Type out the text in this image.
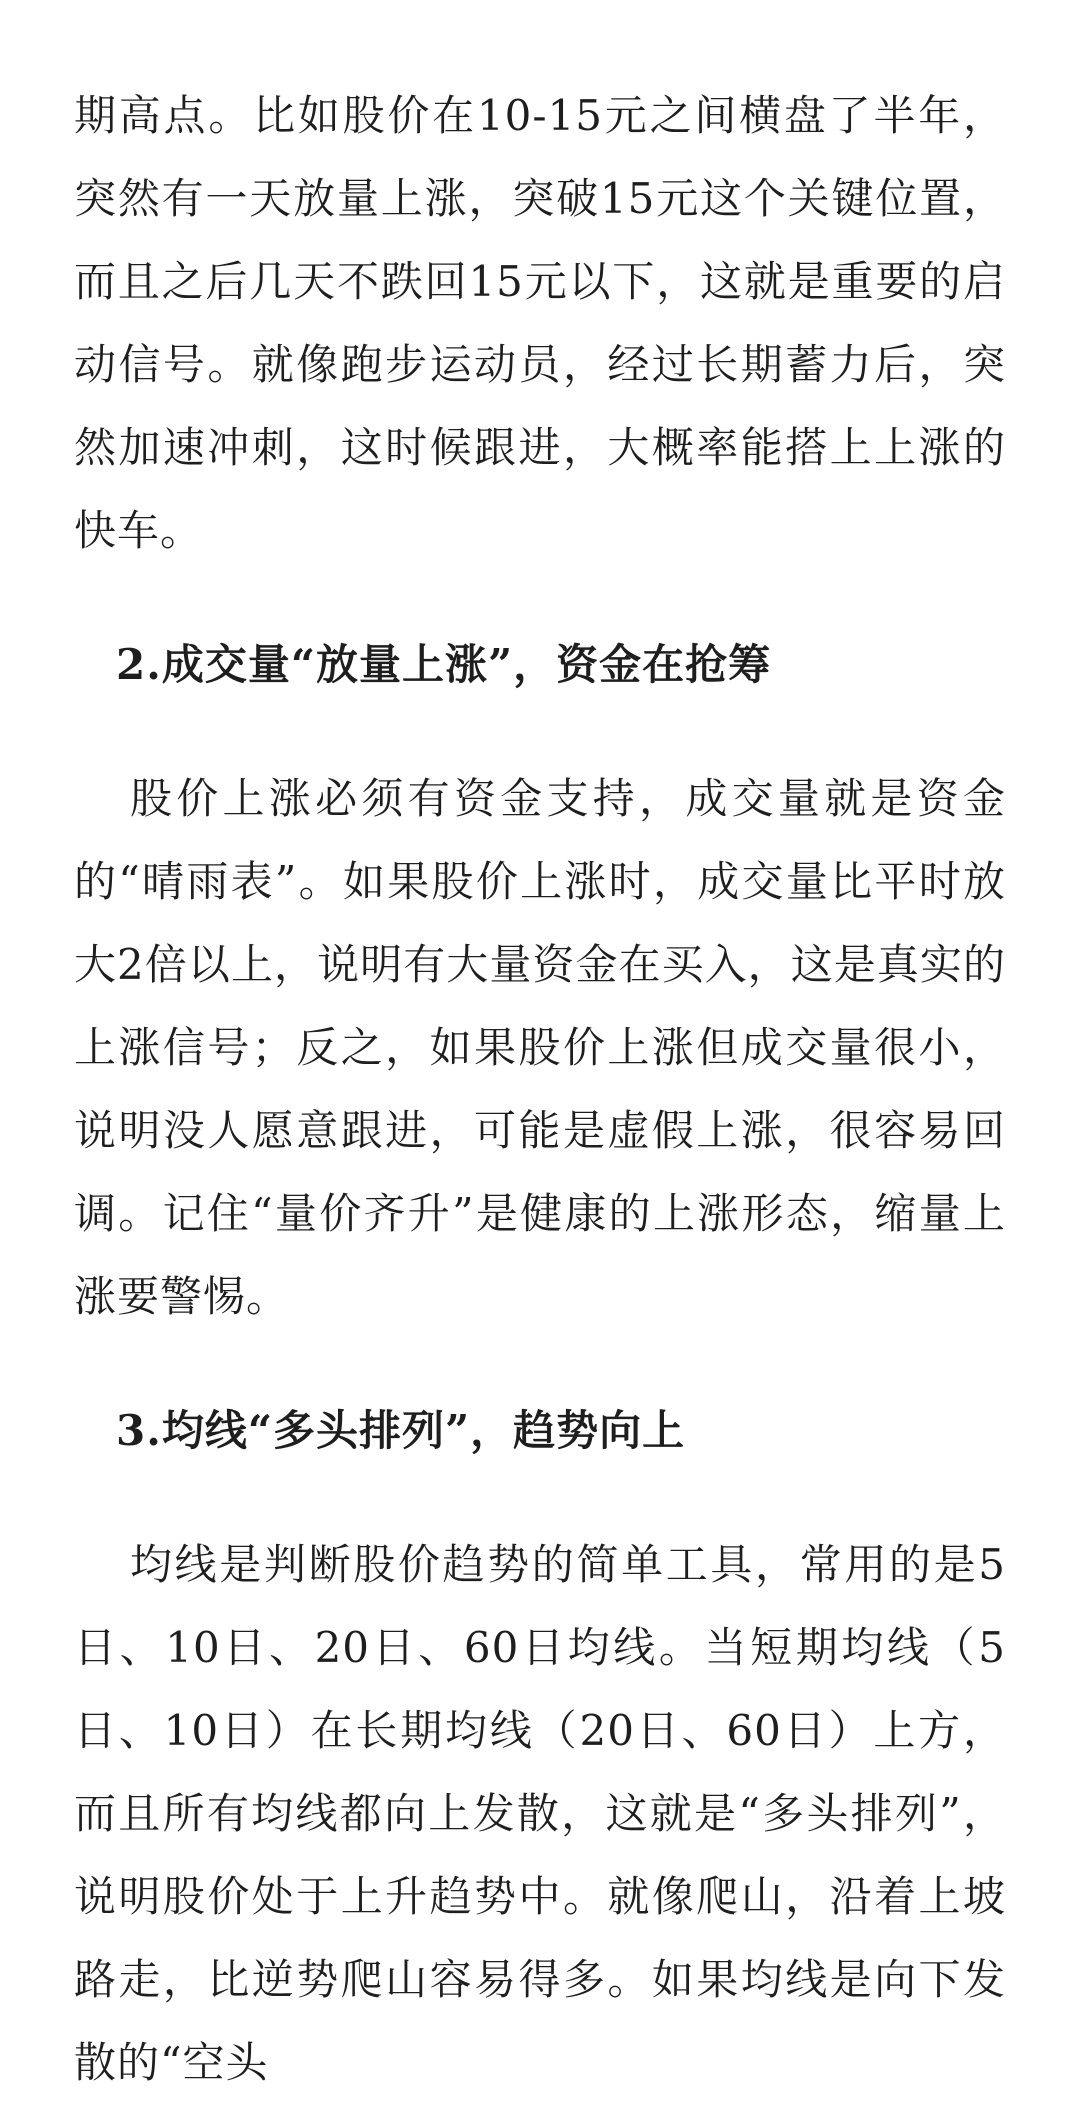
期高点。比如股价在10-15元之间横盘了半年，突然有一天放量上涨，突破15元这个关键位置，而且之后几天不跌回15元以下，这就是重要的启动信号。就像跑步运动员，经过长期蓄力后，突然加速冲刺，这时候跟进，大概率能搭上上涨的快车。

2.成交量“放量上涨”，资金在抢筹

股价上涨必须有资金支持，成交量就是资金的“晴雨表”。如果股价上涨时，成交量比平时放大2倍以上，说明有大量资金在买入，这是真实的上涨信号；反之，如果股价上涨但成交量很小，说明没人愿意跟进，可能是虚假上涨，很容易回调。记住“量价齐升”是健康的上涨形态，缩量上涨要警惕。

3.均线“多头排列”，趋势向上

均线是判断股价趋势的简单工具，常用的是5日、10日、20日、60日均线。当短期均线（5日、10日）在长期均线（20日、60日）上方，而且所有均线都向上发散，这就是“多头排列”，说明股价处于上升趋势中。就像爬山，沿着上坡路走，比逆势爬山容易得多。如果均线是向下发散的“空头
